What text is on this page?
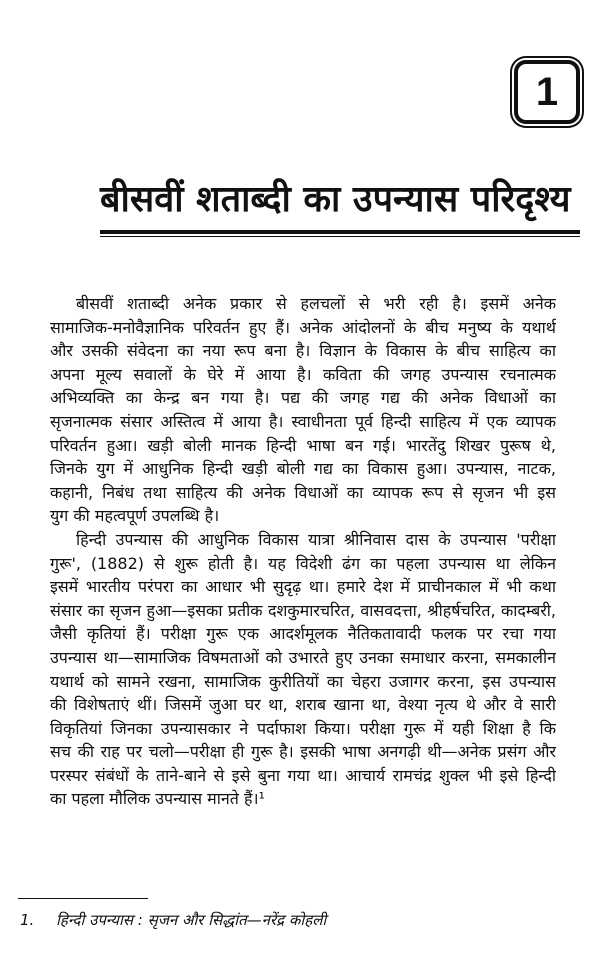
1
बीसवीं शताब्दी का उपन्यास परिदृश्य
बीसवीं शताब्दी अनेक प्रकार से हलचलों से भरी रही है। इसमें अनेक
सामाजिक-मनोवैज्ञानिक परिवर्तन हुए हैं। अनेक आंदोलनों के बीच मनुष्य के यथार्थ
और उसकी संवेदना का नया रूप बना है। विज्ञान के विकास के बीच साहित्य का
अपना मूल्य सवालों के घेरे में आया है। कविता की जगह उपन्यास रचनात्मक
अभिव्यक्ति का केन्द्र बन गया है। पद्य की जगह गद्य की अनेक विधाओं का
सृजनात्मक संसार अस्तित्व में आया है। स्वाधीनता पूर्व हिन्दी साहित्य में एक व्यापक
परिवर्तन हुआ। खड़ी बोली मानक हिन्दी भाषा बन गई। भारतेंदु शिखर पुरूष थे,
जिनके युग में आधुनिक हिन्दी खड़ी बोली गद्य का विकास हुआ। उपन्यास, नाटक,
कहानी, निबंध तथा साहित्य की अनेक विधाओं का व्यापक रूप से सृजन भी इस
युग की महत्वपूर्ण उपलब्धि है।
हिन्दी उपन्यास की आधुनिक विकास यात्रा श्रीनिवास दास के उपन्यास 'परीक्षा
गुरू', (1882) से शुरू होती है। यह विदेशी ढंग का पहला उपन्यास था लेकिन
इसमें भारतीय परंपरा का आधार भी सुदृढ़ था। हमारे देश में प्राचीनकाल में भी कथा
संसार का सृजन हुआ—इसका प्रतीक दशकुमारचरित, वासवदत्ता, श्रीहर्षचरित, कादम्बरी,
जैसी कृतियां हैं। परीक्षा गुरू एक आदर्शमूलक नैतिकतावादी फलक पर रचा गया
उपन्यास था—सामाजिक विषमताओं को उभारते हुए उनका समाधार करना, समकालीन
यथार्थ को सामने रखना, सामाजिक कुरीतियों का चेहरा उजागर करना, इस उपन्यास
की विशेषताएं थीं। जिसमें जुआ घर था, शराब खाना था, वेश्या नृत्य थे और वे सारी
विकृतियां जिनका उपन्यासकार ने पर्दाफाश किया। परीक्षा गुरू में यही शिक्षा है कि
सच की राह पर चलो—परीक्षा ही गुरू है। इसकी भाषा अनगढ़ी थी—अनेक प्रसंग और
परस्पर संबंधों के ताने-बाने से इसे बुना गया था। आचार्य रामचंद्र शुक्ल भी इसे हिन्दी
का पहला मौलिक उपन्यास मानते हैं।¹
1. हिन्दी उपन्यास : सृजन और सिद्धांत—नरेंद्र कोहली
